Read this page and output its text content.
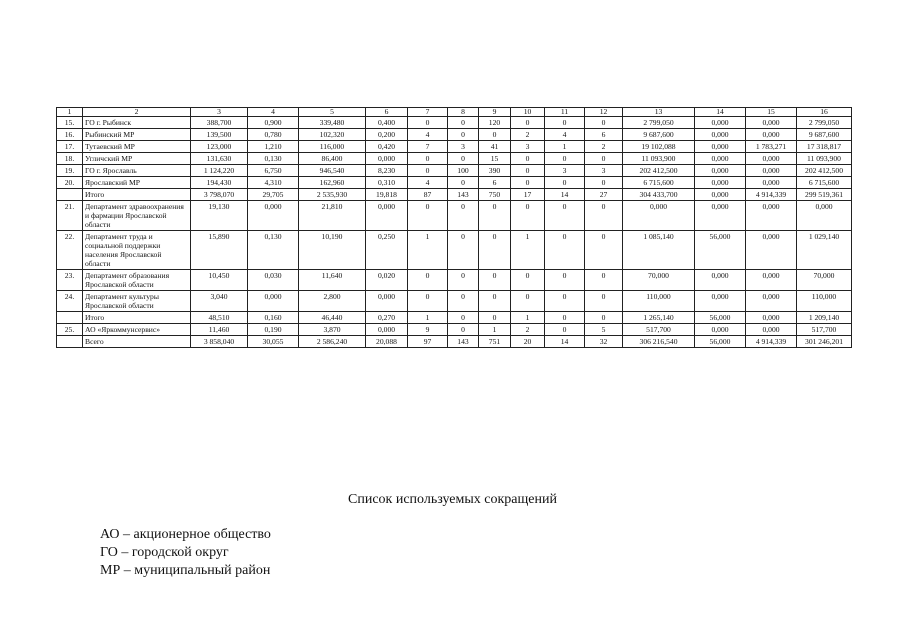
1	2	3	4	5	6	7	8	9	10	11	12	13	14	15	16
15.	ГО г. Рыбинск	388,700	0,900	339,480	0,400	0	0	120	0	0	0	2 799,050	0,000	0,000	2 799,050
16.	Рыбинский МР	139,500	0,780	102,320	0,200	4	0	0	2	4	6	9 687,600	0,000	0,000	9 687,600
17.	Тутаевский МР	123,000	1,210	116,000	0,420	7	3	41	3	1	2	19 102,088	0,000	1 783,271	17 318,817
18.	Угличский МР	131,630	0,130	86,400	0,000	0	0	15	0	0	0	11 093,900	0,000	0,000	11 093,900
19.	ГО г. Ярославль	1 124,220	6,750	946,540	8,230	0	100	390	0	3	3	202 412,500	0,000	0,000	202 412,500
20.	Ярославский МР	194,430	4,310	162,960	0,310	4	0	6	0	0	0	6 715,600	0,000	0,000	6 715,600
	Итого	3 798,070	29,705	2 535,930	19,818	87	143	750	17	14	27	304 433,700	0,000	4 914,339	299 519,361
21.	Департамент здравоохранения и фармации Ярославской области	19,130	0,000	21,810	0,000	0	0	0	0	0	0	0,000	0,000	0,000	0,000
22.	Департамент труда и социальной поддержки населения Ярославской области	15,890	0,130	10,190	0,250	1	0	0	1	0	0	1 085,140	56,000	0,000	1 029,140
23.	Департамент образования Ярославской области	10,450	0,030	11,640	0,020	0	0	0	0	0	0	70,000	0,000	0,000	70,000
24.	Департамент культуры Ярославской области	3,040	0,000	2,800	0,000	0	0	0	0	0	0	110,000	0,000	0,000	110,000
	Итого	48,510	0,160	46,440	0,270	1	0	0	1	0	0	1 265,140	56,000	0,000	1 209,140
25.	АО «Яркоммунсервис»	11,460	0,190	3,870	0,000	9	0	1	2	0	5	517,700	0,000	0,000	517,700
	Всего	3 858,040	30,055	2 586,240	20,088	97	143	751	20	14	32	306 216,540	56,000	4 914,339	301 246,201
Список используемых сокращений
АО – акционерное общество
ГО – городской округ
МР – муниципальный район
